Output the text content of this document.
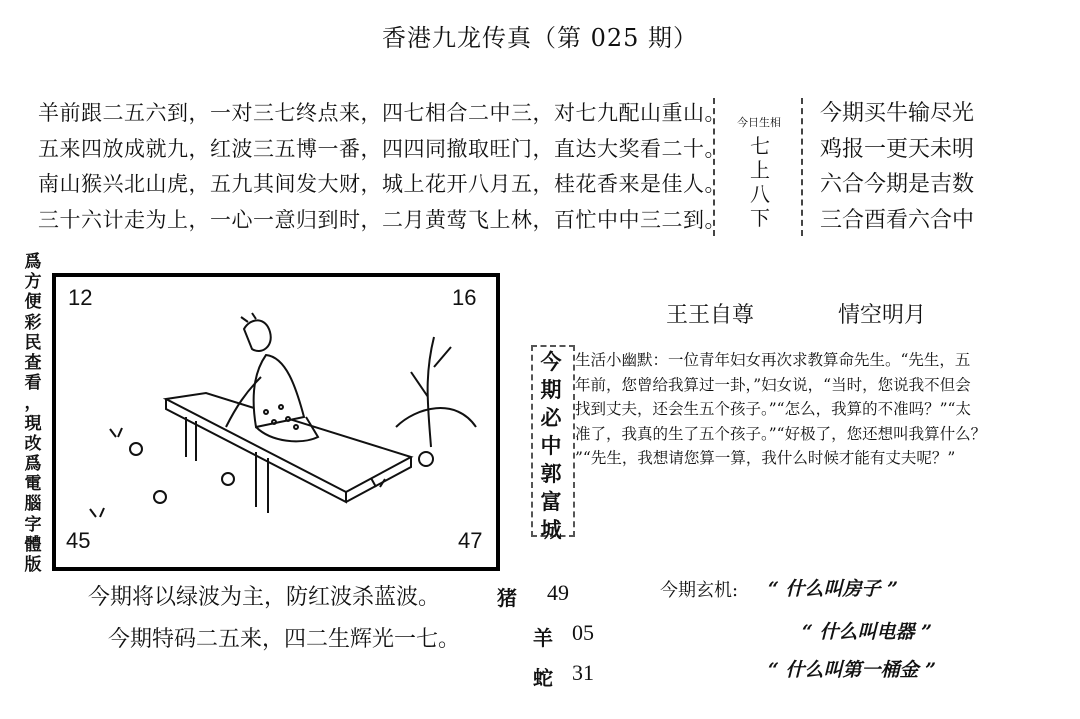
香港九龙传真（第 025 期）
羊前跟二五六到，一对三七终点来，四七相合二中三，对七九配山重山。
五来四放成就九，红波三五博一番，四四同撤取旺门，直达大奖看二十。
南山猴兴北山虎，五九其间发大财，城上花开八月五，桂花香来是佳人。
三十六计走为上，一心一意归到时，二月黄莺飞上林，百忙中中三二到。
今日生相
七
上
八
下
今期买牛输尽光
鸡报一更天未明
六合今期是吉数
三合酉看六合中
爲
方
便
彩
民
查
看
，
現
改
爲
電
腦
字
體
版
12	16
45	47
王王自尊	情空明月
今
期
必
中
郭
富
城
生活小幽默：一位青年妇女再次求教算命先生。“先生，五
年前，您曾给我算过一卦，”妇女说，“当时，您说我不但会
找到丈夫，还会生五个孩子。”“怎么，我算的不准吗？”“太
准了，我真的生了五个孩子。”“好极了，您还想叫我算什么？
”“先生，我想请您算一算，我什么时候才能有丈夫呢？”
今期将以绿波为主，防红波杀蓝波。
今期特码二五来，四二生辉光一七。
猪 49
羊 05
蛇 31
今期玄机: “ 什么叫房子 ”
“ 什么叫电器 ”
“ 什么叫第一桶金 ”
